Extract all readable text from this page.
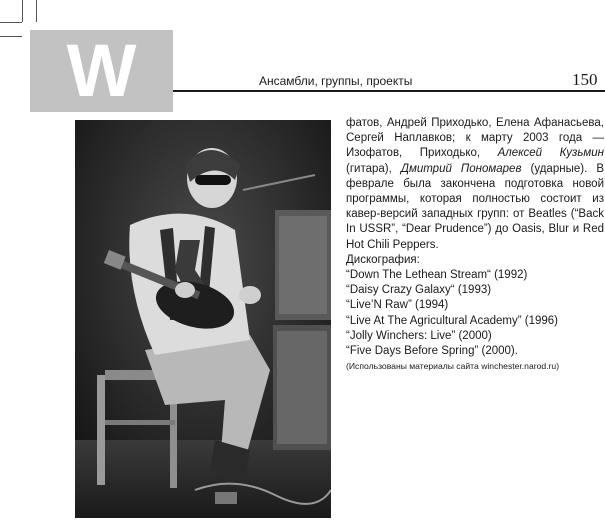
W	Ансамбли, группы, проекты	150

фатов, Андрей Приходько, Елена Афанасьева, Сергей Наплавков; к марту 2003 года — Изофатов, Приходько, Алексей Кузьмин (гитара), Дмитрий Пономарев (ударные). В феврале была закончена подготовка новой программы, которая полностью состоит из кавер-версий западных групп: от Beatles (“Back In USSR”, “Dear Prudence”) до Oasis, Blur и Red Hot Chili Peppers.

Дискография:

“Down The Lethean Stream“ (1992)

“Daisy Crazy Galaxy“ (1993)

“Live’N Raw” (1994)

“Live At The Agricultural Academy” (1996)

“Jolly Winchers: Live” (2000)

“Five Days Before Spring” (2000).

(Использованы материалы сайта winchester.narod.ru)
